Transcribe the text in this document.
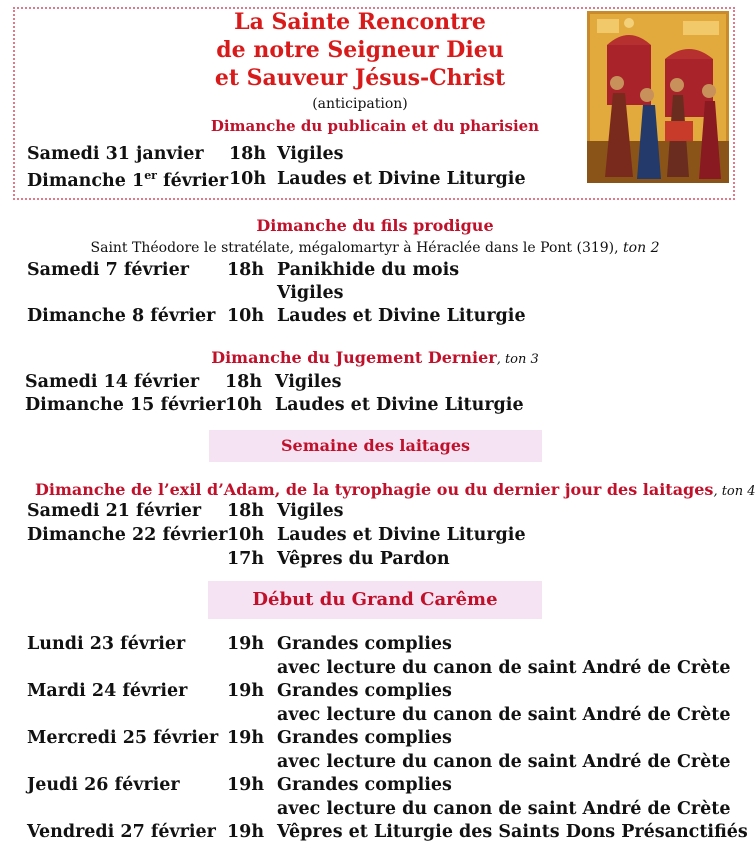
La Sainte Rencontre
de notre Seigneur Dieu
et Sauveur Jésus-Christ
(anticipation)
Dimanche du publicain et du pharisien
Samedi 31 janvier 18h Vigiles
Dimanche 1er février 10h Laudes et Divine Liturgie
Dimanche du fils prodigue
Saint Théodore le stratélate, mégalomartyr à Héraclée dans le Pont (319), ton 2
Samedi 7 février 18h Panikhide du mois
Vigiles
Dimanche 8 février 10h Laudes et Divine Liturgie
Dimanche du Jugement Dernier, ton 3
Samedi 14 février 18h Vigiles
Dimanche 15 février 10h Laudes et Divine Liturgie
Semaine des laitages
Dimanche de l’exil d’Adam, de la tyrophagie ou du dernier jour des laitages, ton 4
Samedi 21 février 18h Vigiles
Dimanche 22 février 10h Laudes et Divine Liturgie
17h Vêpres du Pardon
Début du Grand Carême
Lundi 23 février 19h Grandes complies
avec lecture du canon de saint André de Crète
Mardi 24 février 19h Grandes complies
avec lecture du canon de saint André de Crète
Mercredi 25 février 19h Grandes complies
avec lecture du canon de saint André de Crète
Jeudi 26 février	19h Grandes complies
avec lecture du canon de saint André de Crète
Vendredi 27 février 19h Vêpres et Liturgie des Saints Dons Présanctifiés
